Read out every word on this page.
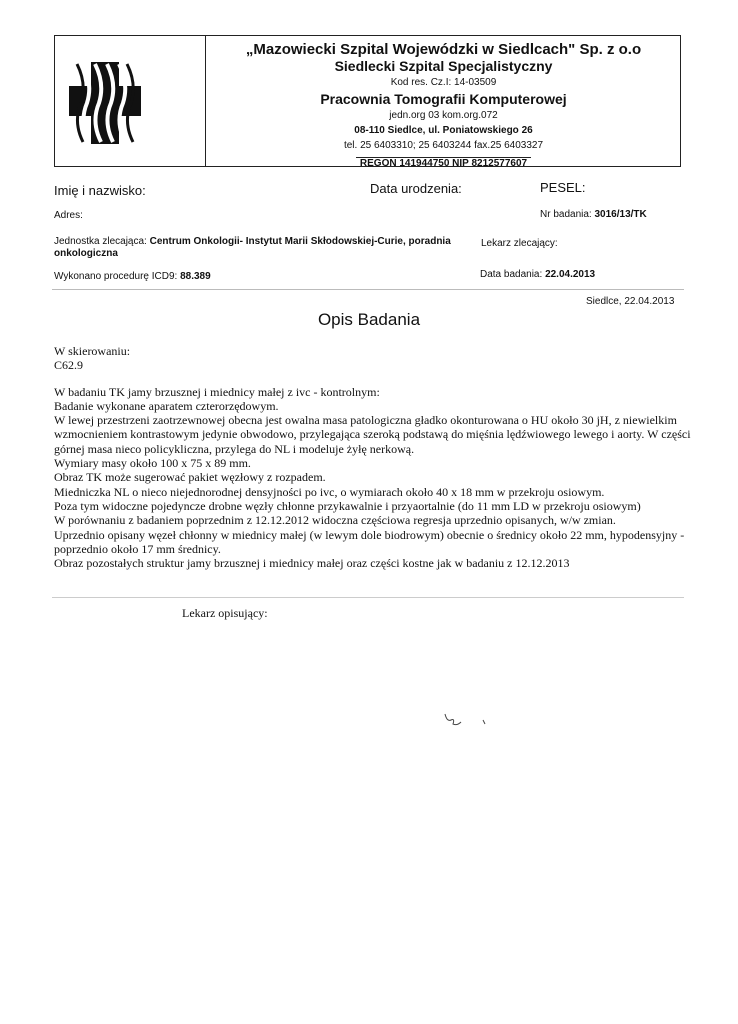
„Mazowiecki Szpital Wojewódzki w Siedlcach" Sp. z o.o
Siedlecki Szpital Specjalistyczny
Kod res. Cz.I: 14-03509
Pracownia Tomografii Komputerowej
jedn.org 03 kom.org.072
08-110 Siedlce, ul. Poniatowskiego 26
tel. 25 6403310; 25 6403244 fax.25 6403327
REGON 141944750 NIP 8212577607
Imię i nazwisko:	Data urodzenia:	PESEL:
Adres:	Nr badania: 3016/13/TK
Jednostka zlecająca: Centrum Onkologii- Instytut Marii Skłodowskiej-Curie, poradnia onkologiczna
Lekarz zlecający:
Wykonano procedurę ICD9: 88.389	Data badania: 22.04.2013
Siedlce, 22.04.2013
Opis Badania

W skierowaniu:

C62.9

W badaniu TK jamy brzusznej i miednicy małej z ivc - kontrolnym:

Badanie wykonane aparatem czterorzędowym.

W lewej przestrzeni zaotrzewnowej obecna jest owalna masa patologiczna gładko okonturowana o HU około 30 jH, z niewielkim wzmocnieniem kontrastowym jedynie obwodowo, przylegająca szeroką podstawą do mięśnia lędźwiowego lewego i aorty. W części górnej masa nieco policykliczna, przylega do NL i modeluje żyłę nerkową.

Wymiary masy około 100 x 75 x 89 mm.

Obraz TK może sugerować pakiet węzłowy z rozpadem.

Miedniczka NL o nieco niejednorodnej densyjności po ivc, o wymiarach około 40 x 18 mm w przekroju osiowym.

Poza tym widoczne pojedyncze drobne węzły chłonne przykawalnie i przyaortalnie (do 11 mm LD w przekroju osiowym)

W porównaniu z badaniem poprzednim z 12.12.2012 widoczna częściowa regresja uprzednio opisanych, w/w zmian.

Uprzednio opisany węzeł chłonny w miednicy małej (w lewym dole biodrowym) obecnie o średnicy około 22 mm, hypodensyjny - poprzednio około 17 mm średnicy.

Obraz pozostałych struktur jamy brzusznej i miednicy małej oraz części kostne jak w badaniu z 12.12.2013

Lekarz opisujący:
